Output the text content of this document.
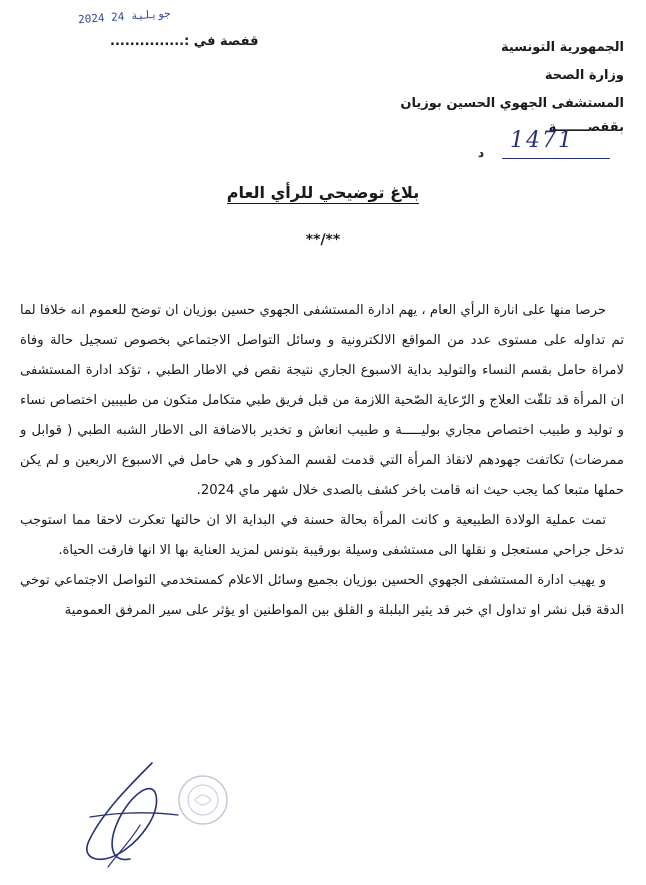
2024 جويلية 24
قفصة في :...............	الجمهورية التونسية
وزارة الصحة
المستشفى الجهوي الحسين بوزيان
بقفصـــــــة
د 1471
بلاغ توضيحي للرأي العام
**/**

حرصا منها على انارة الرأي العام ، يهم ادارة المستشفى الجهوي حسين بوزيان ان توضح للعموم انه خلافا لما تم تداوله على مستوى عدد من المواقع الالكترونية و وسائل التواصل الاجتماعي بخصوص تسجيل حالة وفاة لامراة حامل بقسم النساء والتوليد بداية الاسبوع الجاري نتيجة نقص في الاطار الطبي ، تؤكد ادارة المستشفى ان المرأة قد تلقّت العلاج و الرّعاية الصّحية اللازمة من قبل فريق طبي متكامل متكون من طبيبين اختصاص نساء و توليد و طبيب اختصاص مجاري بوليـــــة و طبيب انعاش و تخدير بالاضافة الى الاطار الشبه الطبي ( قوابل و ممرضات) تكاتفت جهودهم لانقاذ المرأة التي قدمت لقسم المذكور و هي حامل في الاسبوع الاربعين و لم يكن حملها متبعا كما يجب حيث انه قامت باخر كشف بالصدى خلال شهر ماي 2024.

تمت عملية الولادة الطبيعية و كانت المرأة بحالة حسنة في البداية الا ان حالتها تعكرت لاحقا مما استوجب تدخل جراحي مستعجل و نقلها الى مستشفى وسيلة بورقيبة بتونس لمزيد العناية بها الا انها فارقت الحياة.

و يهيب ادارة المستشفى الجهوي الحسين بوزيان بجميع وسائل الاعلام كمستخدمي التواصل الاجتماعي توخي الدقة قبل نشر او تداول اي خبر قد يثير البلبلة و القلق بين المواطنين او يؤثر على سير المرفق العمومية
